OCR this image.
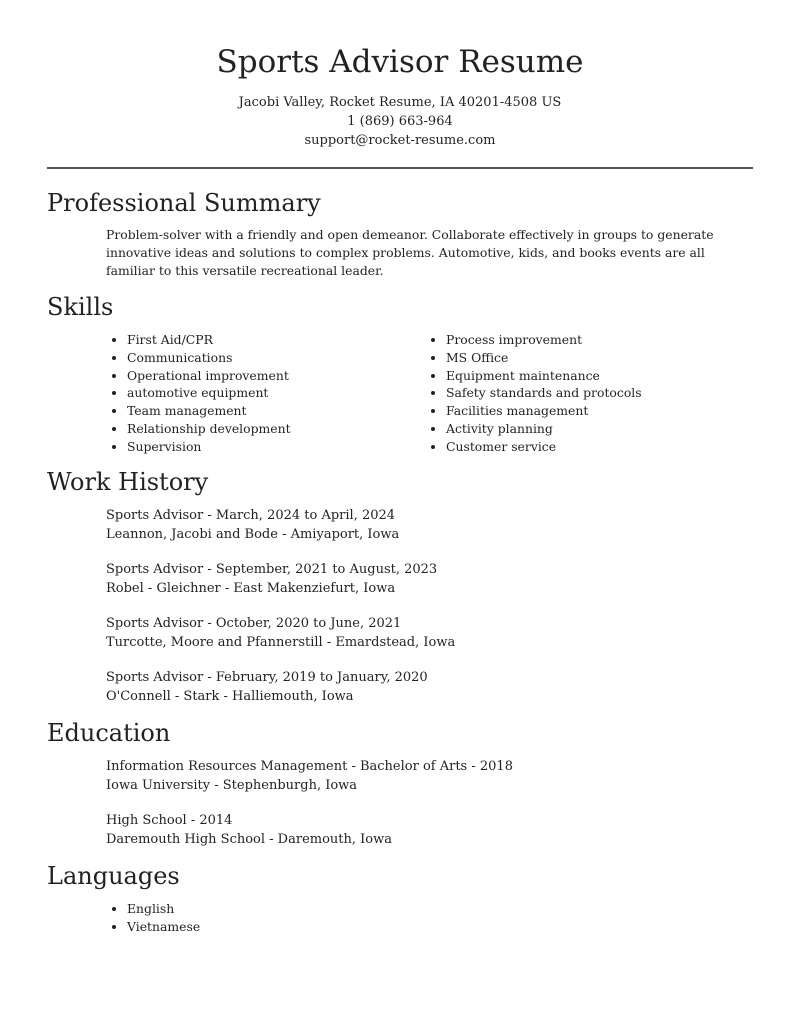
Sports Advisor Resume
Jacobi Valley, Rocket Resume, IA 40201-4508 US
1 (869) 663-964
support@rocket-resume.com
Professional Summary
Problem-solver with a friendly and open demeanor. Collaborate effectively in groups to generate innovative ideas and solutions to complex problems. Automotive, kids, and books events are all familiar to this versatile recreational leader.
Skills
• First Aid/CPR
• Communications
• Operational improvement
• automotive equipment
• Team management
• Relationship development
• Supervision
• Process improvement
• MS Office
• Equipment maintenance
• Safety standards and protocols
• Facilities management
• Activity planning
• Customer service
Work History
Sports Advisor - March, 2024 to April, 2024
Leannon, Jacobi and Bode - Amiyaport, Iowa
Sports Advisor - September, 2021 to August, 2023
Robel - Gleichner - East Makenziefurt, Iowa
Sports Advisor - October, 2020 to June, 2021
Turcotte, Moore and Pfannerstill - Emardstead, Iowa
Sports Advisor - February, 2019 to January, 2020
O'Connell - Stark - Halliemouth, Iowa
Education
Information Resources Management - Bachelor of Arts - 2018
Iowa University - Stephenburgh, Iowa
High School - 2014
Daremouth High School - Daremouth, Iowa
Languages
• English
• Vietnamese
